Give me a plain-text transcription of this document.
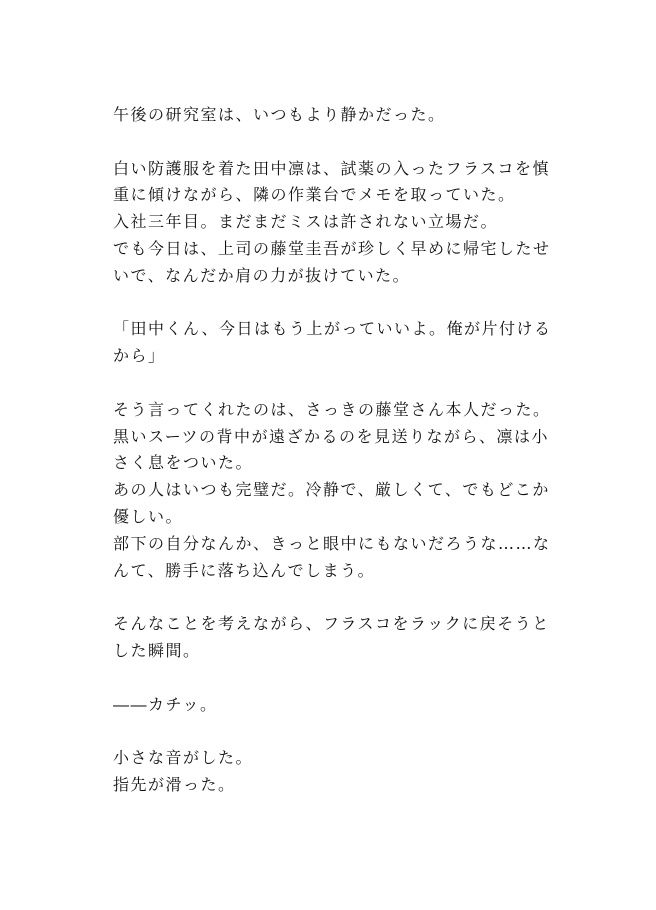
午後の研究室は、いつもより静かだった。
白い防護服を着た田中凛は、試薬の入ったフラスコを慎
重に傾けながら、隣の作業台でメモを取っていた。
入社三年目。まだまだミスは許されない立場だ。
でも今日は、上司の藤堂圭吾が珍しく早めに帰宅したせ
いで、なんだか肩の力が抜けていた。
「田中くん、今日はもう上がっていいよ。俺が片付ける
から」
そう言ってくれたのは、さっきの藤堂さん本人だった。
黒いスーツの背中が遠ざかるのを見送りながら、凛は小
さく息をついた。
あの人はいつも完璧だ。冷静で、厳しくて、でもどこか
優しい。
部下の自分なんか、きっと眼中にもないだろうな……な
んて、勝手に落ち込んでしまう。
そんなことを考えながら、フラスコをラックに戻そうと
した瞬間。
――カチッ。
小さな音がした。
指先が滑った。
